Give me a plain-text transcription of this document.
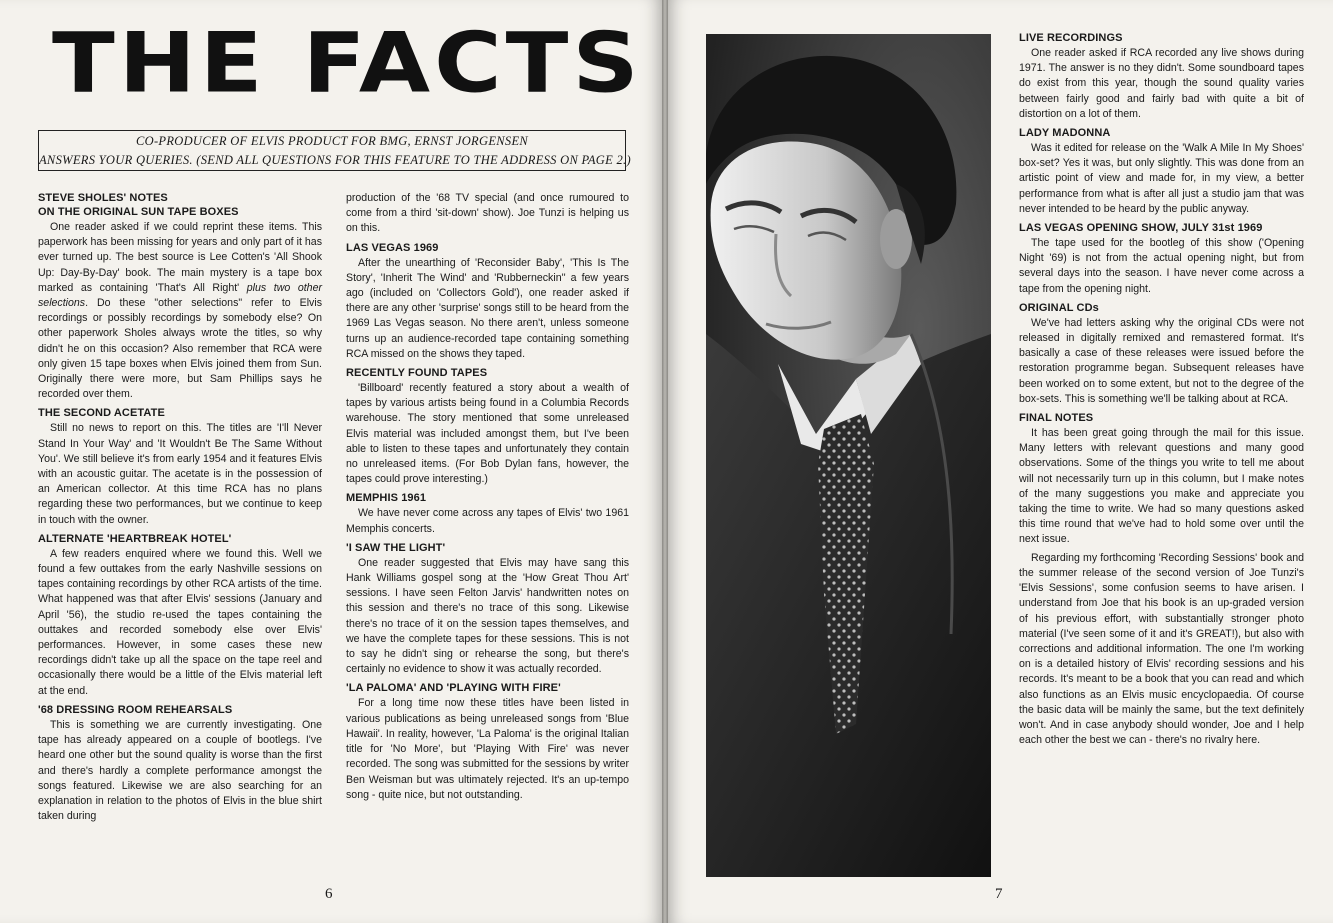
THE FACTS
CO-PRODUCER OF ELVIS PRODUCT FOR BMG, ERNST JORGENSEN
ANSWERS YOUR QUERIES. (SEND ALL QUESTIONS FOR THIS FEATURE TO THE ADDRESS ON PAGE 2.)
STEVE SHOLES' NOTES
ON THE ORIGINAL SUN TAPE BOXES

One reader asked if we could reprint these items. This paperwork has been missing for years and only part of it has ever turned up. The best source is Lee Cotten's 'All Shook Up: Day-By-Day' book. The main mystery is a tape box marked as containing 'That's All Right' plus two other selections. Do these "other selections" refer to Elvis recordings or possibly recordings by somebody else? On other paperwork Sholes always wrote the titles, so why didn't he on this occasion? Also remember that RCA were only given 15 tape boxes when Elvis joined them from Sun. Originally there were more, but Sam Phillips says he recorded over them.

THE SECOND ACETATE

Still no news to report on this. The titles are 'I'll Never Stand In Your Way' and 'It Wouldn't Be The Same Without You'. We still believe it's from early 1954 and it features Elvis with an acoustic guitar. The acetate is in the possession of an American collector. At this time RCA has no plans regarding these two performances, but we continue to keep in touch with the owner.

ALTERNATE 'HEARTBREAK HOTEL'

A few readers enquired where we found this. Well we found a few outtakes from the early Nashville sessions on tapes containing recordings by other RCA artists of the time. What happened was that after Elvis' sessions (January and April '56), the studio re-used the tapes containing the outtakes and recorded somebody else over Elvis' performances. However, in some cases these new recordings didn't take up all the space on the tape reel and occasionally there would be a little of the Elvis material left at the end.

'68 DRESSING ROOM REHEARSALS

This is something we are currently investigating. One tape has already appeared on a couple of bootlegs. I've heard one other but the sound quality is worse than the first and there's hardly a complete performance amongst the songs featured. Likewise we are also searching for an explanation in relation to the photos of Elvis in the blue shirt taken during

production of the '68 TV special (and once rumoured to come from a third 'sit-down' show). Joe Tunzi is helping us on this.

LAS VEGAS 1969

After the unearthing of 'Reconsider Baby', 'This Is The Story', 'Inherit The Wind' and 'Rubberneckin'' a few years ago (included on 'Collectors Gold'), one reader asked if there are any other 'surprise' songs still to be heard from the 1969 Las Vegas season. No there aren't, unless someone turns up an audience-recorded tape containing something RCA missed on the shows they taped.

RECENTLY FOUND TAPES

'Billboard' recently featured a story about a wealth of tapes by various artists being found in a Columbia Records warehouse. The story mentioned that some unreleased Elvis material was included amongst them, but I've been able to listen to these tapes and unfortunately they contain no unreleased items. (For Bob Dylan fans, however, the tapes could prove interesting.)

MEMPHIS 1961

We have never come across any tapes of Elvis' two 1961 Memphis concerts.

'I SAW THE LIGHT'

One reader suggested that Elvis may have sang this Hank Williams gospel song at the 'How Great Thou Art' sessions. I have seen Felton Jarvis' handwritten notes on this session and there's no trace of this song. Likewise there's no trace of it on the session tapes themselves, and we have the complete tapes for these sessions. This is not to say he didn't sing or rehearse the song, but there's certainly no evidence to show it was actually recorded.

'LA PALOMA' AND 'PLAYING WITH FIRE'

For a long time now these titles have been listed in various publications as being unreleased songs from 'Blue Hawaii'. In reality, however, 'La Paloma' is the original Italian title for 'No More', but 'Playing With Fire' was never recorded. The song was submitted for the sessions by writer Ben Weisman but was ultimately rejected. It's an up-tempo song - quite nice, but not outstanding.

6	7
LIVE RECORDINGS

One reader asked if RCA recorded any live shows during 1971. The answer is no they didn't. Some soundboard tapes do exist from this year, though the sound quality varies between fairly good and fairly bad with quite a bit of distortion on a lot of them.

LADY MADONNA

Was it edited for release on the 'Walk A Mile In My Shoes' box-set? Yes it was, but only slightly. This was done from an artistic point of view and made for, in my view, a better performance from what is after all just a studio jam that was never intended to be heard by the public anyway.

LAS VEGAS OPENING SHOW, JULY 31st 1969

The tape used for the bootleg of this show ('Opening Night '69) is not from the actual opening night, but from several days into the season. I have never come across a tape from the opening night.

ORIGINAL CDs

We've had letters asking why the original CDs were not released in digitally remixed and remastered format. It's basically a case of these releases were issued before the restoration programme began. Subsequent releases have been worked on to some extent, but not to the degree of the box-sets. This is something we'll be talking about at RCA.

FINAL NOTES

It has been great going through the mail for this issue. Many letters with relevant questions and many good observations. Some of the things you write to tell me about will not necessarily turn up in this column, but I make notes of the many suggestions you make and appreciate you taking the time to write. We had so many questions asked this time round that we've had to hold some over until the next issue.

Regarding my forthcoming 'Recording Sessions' book and the summer release of the second version of Joe Tunzi's 'Elvis Sessions', some confusion seems to have arisen. I understand from Joe that his book is an up-graded version of his previous effort, with substantially stronger photo material (I've seen some of it and it's GREAT!), but also with corrections and additional information. The one I'm working on is a detailed history of Elvis' recording sessions and his records. It's meant to be a book that you can read and which also functions as an Elvis music encyclopaedia. Of course the basic data will be mainly the same, but the text definitely won't. And in case anybody should wonder, Joe and I help each other the best we can - there's no rivalry here.
